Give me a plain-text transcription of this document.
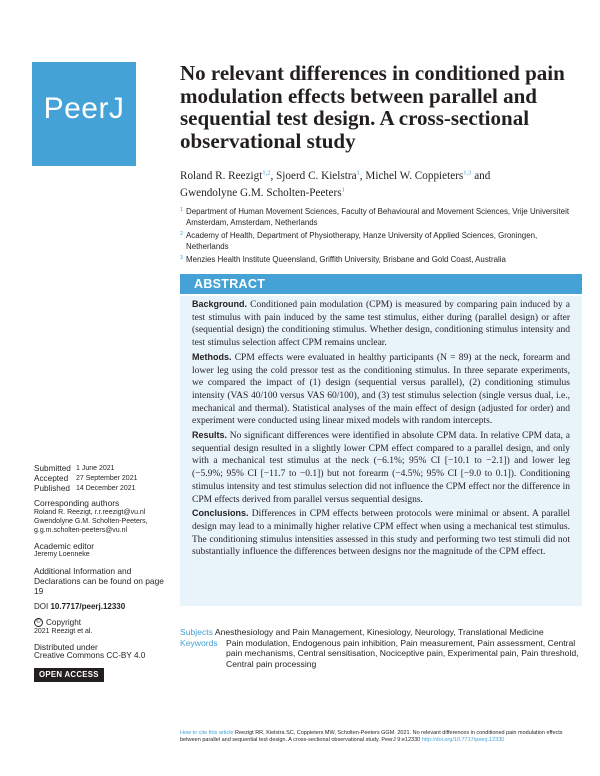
PeerJ
No relevant differences in conditioned pain modulation effects between parallel and sequential test design. A cross-sectional observational study
Roland R. Reezigt$^{1,2}$, Sjoerd C. Kielstra$^1$, Michel W. Coppieters$^{1,3}$ and
Gwendolyne G.M. Scholten-Peeters$^1$
1 Department of Human Movement Sciences, Faculty of Behavioural and Movement Sciences, Vrije Universiteit Amsterdam, Amsterdam, Netherlands
2 Academy of Health, Department of Physiotherapy, Hanze University of Applied Sciences, Groningen, Netherlands
3 Menzies Health Institute Queensland, Griffith University, Brisbane and Gold Coast, Australia
ABSTRACT

Background. Conditioned pain modulation (CPM) is measured by comparing pain induced by a test stimulus with pain induced by the same test stimulus, either during (parallel design) or after (sequential design) the conditioning stimulus. Whether design, conditioning stimulus intensity and test stimulus selection affect CPM remains unclear.

Methods. CPM effects were evaluated in healthy participants (N = 89) at the neck, forearm and lower leg using the cold pressor test as the conditioning stimulus. In three separate experiments, we compared the impact of (1) design (sequential versus parallel), (2) conditioning stimulus intensity (VAS 40/100 versus VAS 60/100), and (3) test stimulus selection (single versus dual, i.e., mechanical and thermal). Statistical analyses of the main effect of design (adjusted for order) and experiment were conducted using linear mixed models with random intercepts.

Results. No significant differences were identified in absolute CPM data. In relative CPM data, a sequential design resulted in a slightly lower CPM effect compared to a parallel design, and only with a mechanical test stimulus at the neck (−6.1%; 95% CI [−10.1 to −2.1]) and lower leg (−5.9%; 95% CI [−11.7 to −0.1]) but not forearm (−4.5%; 95% CI [−9.0 to 0.1]). Conditioning stimulus intensity and test stimulus selection did not influence the CPM effect nor the difference in CPM effects derived from parallel versus sequential designs.

Conclusions. Differences in CPM effects between protocols were minimal or absent. A parallel design may lead to a minimally higher relative CPM effect when using a mechanical test stimulus. The conditioning stimulus intensities assessed in this study and performing two test stimuli did not substantially influence the differences between designs nor the magnitude of the CPM effect.

Submitted 1 June 2021
Accepted	27 September 2021
Published 14 December 2021
Corresponding authors
Roland R. Reezigt, r.r.reezigt@vu.nl
Gwendolyne G.M. Scholten-Peeters,
g.g.m.scholten-peeters@vu.nl
Academic editor
Jeremy Loenneke
Additional Information and Declarations can be found on page 19
DOI 10.7717/peerj.12330
© Copyright
2021 Reezigt et al.
Distributed under
Creative Commons CC-BY 4.0
OPEN ACCESS
Subjects Anesthesiology and Pain Management, Kinesiology, Neurology, Translational Medicine
Keywords Pain modulation, Endogenous pain inhibition, Pain measurement, Pain assessment, Central pain mechanisms, Central sensitisation, Nociceptive pain, Experimental pain, Pain threshold, Central pain processing
How to cite this article Reezigt RR, Kielstra SC, Coppieters MW, Scholten-Peeters GGM. 2021. No relevant differences in conditioned pain modulation effects between parallel and sequential test design. A cross-sectional observational study. PeerJ 9:e12330 http://doi.org/10.7717/peerj.12330
